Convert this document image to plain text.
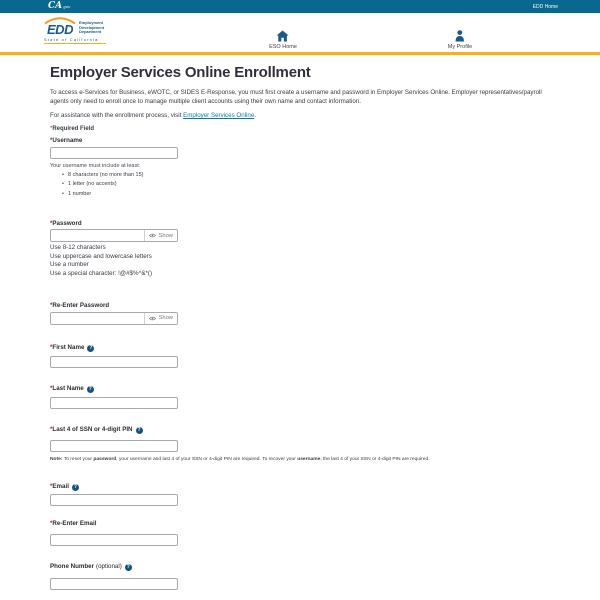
CA gov	EDD Home
EDD Employment
Development
Department
State of California
ESO Home	My Profile
Employer Services Online Enrollment

To access e-Services for Business, eWOTC, or SIDES E-Response, you must first create a username and password in Employer Services Online. Employer representatives/payroll agents only need to enroll once to manage multiple client accounts using their own name and contact information.

For assistance with the enrollment process, visit Employer Services Online.

*Required Field
* Username
Your username must include at least:
• 8 characters (no more than 15)
• 1 letter (no accents)
• 1 number
* Password
Show
Use 8-12 characters
Use uppercase and lowercase letters
Use a number
Use a special character: !@#$%^&*()
* Re-Enter Password
Show
* First Name ?
* Last Name ?
* Last 4 of SSN or 4-digit PIN ?
Note: To reset your password, your username and last 4 of your SSN or 4-digit PIN are required. To recover your username, the last 4 of your SSN or 4-digit PIN are required.
* Email ?
* Re-Enter Email
Phone Number (optional) ?
